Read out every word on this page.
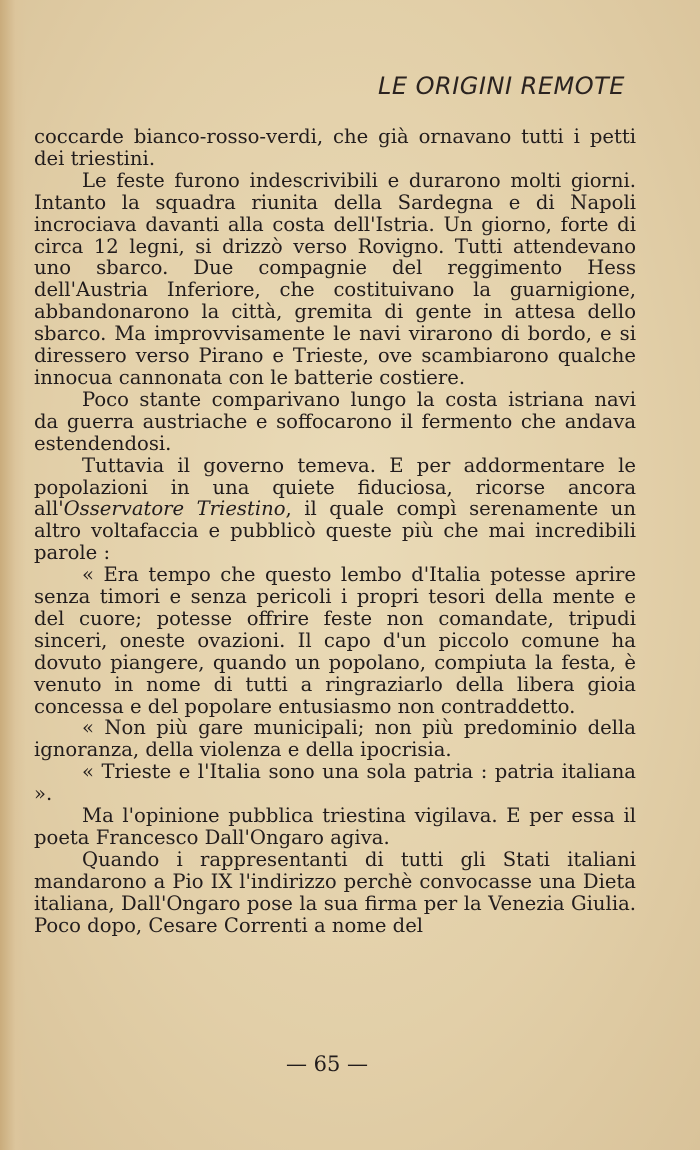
LE ORIGINI REMOTE

coccarde bianco-rosso-verdi, che già ornavano tutti i petti dei triestini.

Le feste furono indescrivibili e durarono molti giorni. Intanto la squadra riunita della Sardegna e di Napoli incrociava davanti alla costa dell'Istria. Un giorno, forte di circa 12 legni, si drizzò verso Rovigno. Tutti attendevano uno sbarco. Due compagnie del reggimento Hess dell'Austria Inferiore, che costituivano la guarnigione, abbandonarono la città, gremita di gente in attesa dello sbarco. Ma improvvisamente le navi virarono di bordo, e si diressero verso Pirano e Trieste, ove scambiarono qualche innocua cannonata con le batterie costiere.

Poco stante comparivano lungo la costa istriana navi da guerra austriache e soffocarono il fermento che andava estendendosi.

Tuttavia il governo temeva. E per addormentare le popolazioni in una quiete fiduciosa, ricorse ancora all'Osservatore Triestino, il quale compì serenamente un altro voltafaccia e pubblicò queste più che mai incredibili parole :

« Era tempo che questo lembo d'Italia potesse aprire senza timori e senza pericoli i propri tesori della mente e del cuore; potesse offrire feste non comandate, tripudi sinceri, oneste ovazioni. Il capo d'un piccolo comune ha dovuto piangere, quando un popolano, compiuta la festa, è venuto in nome di tutti a ringraziarlo della libera gioia concessa e del popolare entusiasmo non contraddetto.

« Non più gare municipali; non più predominio della ignoranza, della violenza e della ipocrisia.

« Trieste e l'Italia sono una sola patria : patria italiana ».

Ma l'opinione pubblica triestina vigilava. E per essa il poeta Francesco Dall'Ongaro agiva.

Quando i rappresentanti di tutti gli Stati italiani mandarono a Pio IX l'indirizzo perchè convocasse una Dieta italiana, Dall'Ongaro pose la sua firma per la Venezia Giulia. Poco dopo, Cesare Correnti a nome del

— 65 —
